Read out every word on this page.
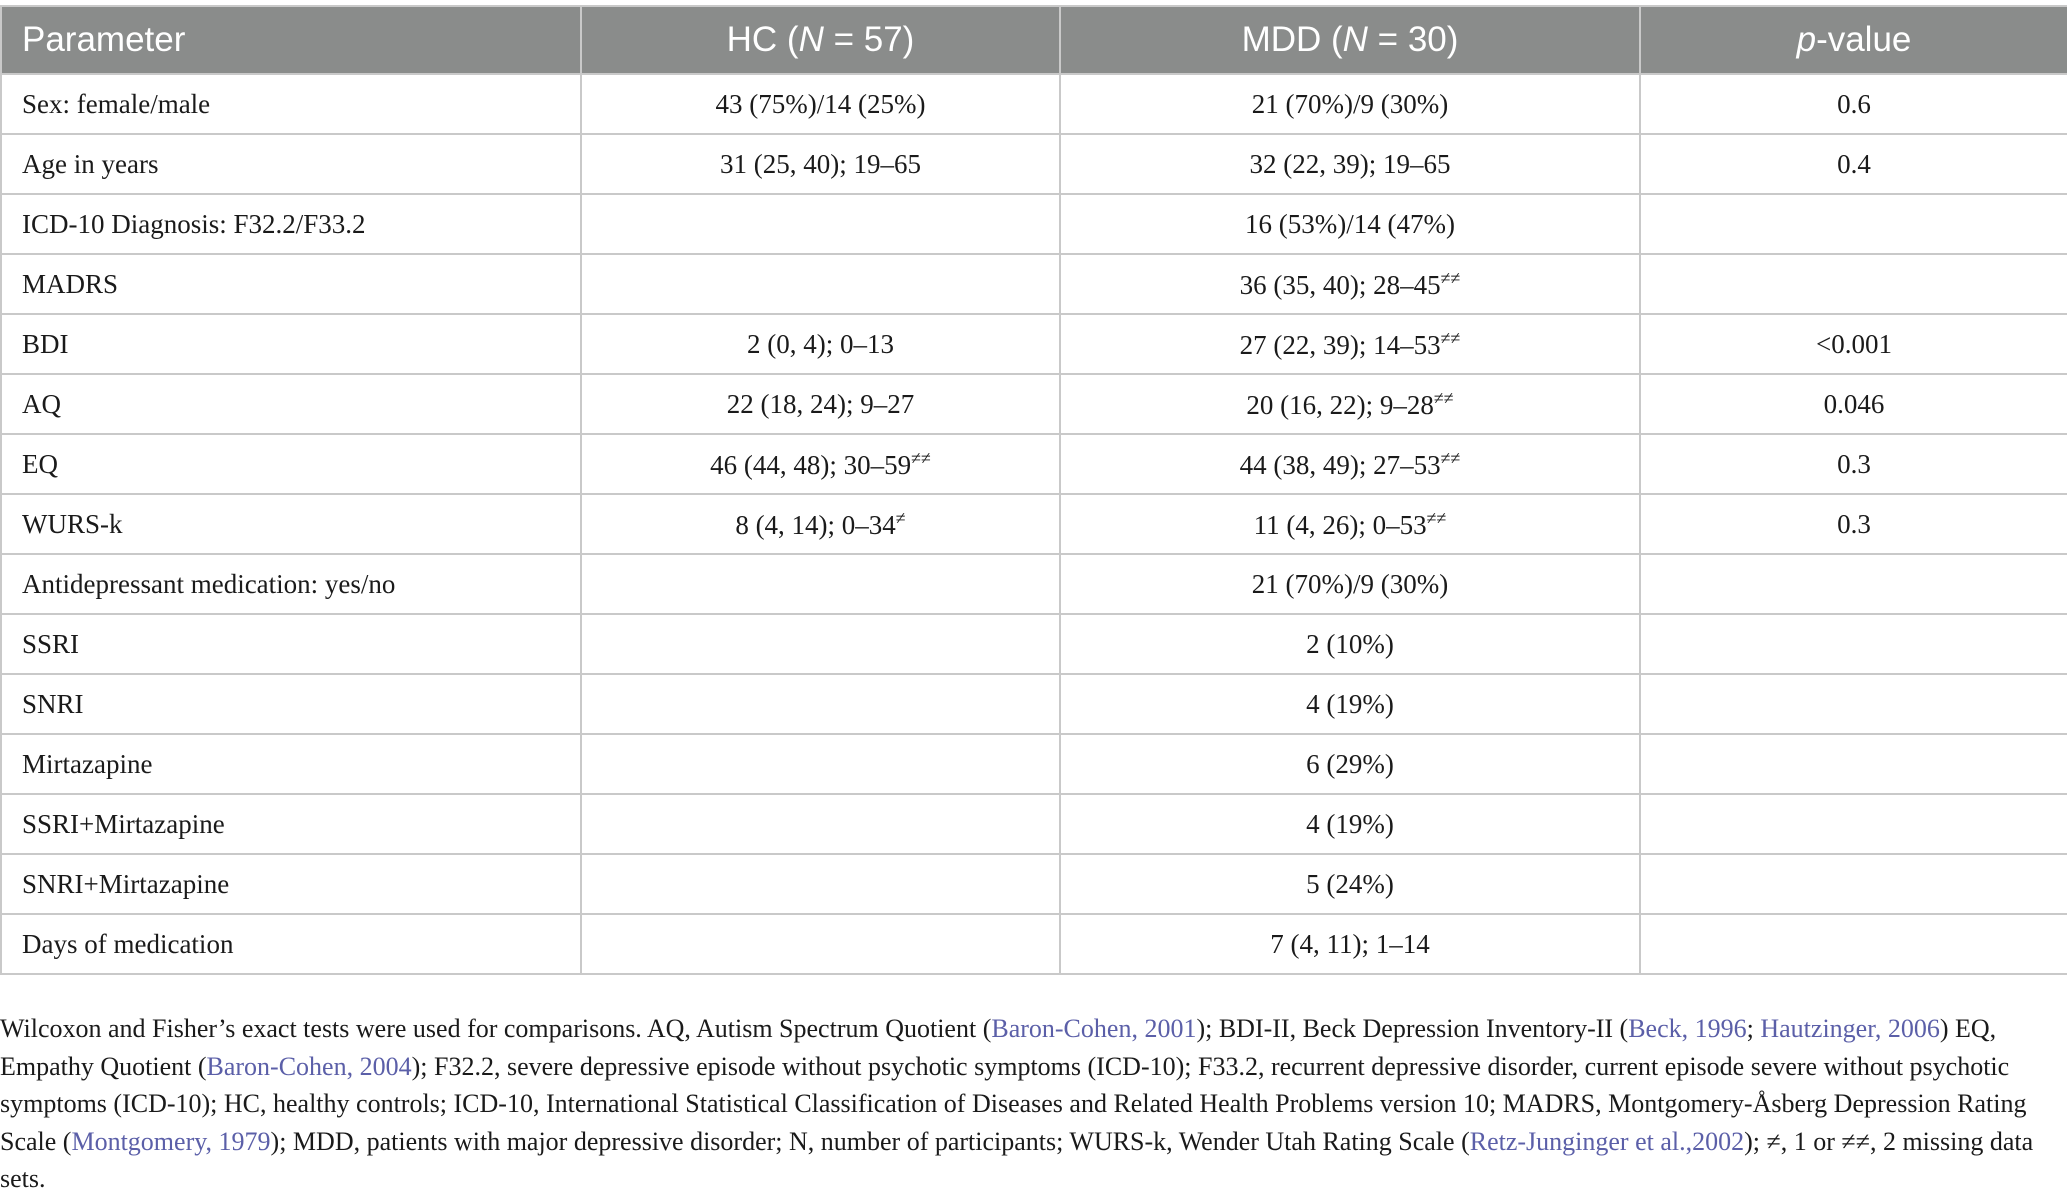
Parameter	HC (N = 57)	MDD (N = 30)	p-value
Sex: female/male	43 (75%)/14 (25%)	21 (70%)/9 (30%)	0.6
Age in years	31 (25, 40); 19–65	32 (22, 39); 19–65	0.4
ICD-10 Diagnosis: F32.2/F33.2		16 (53%)/14 (47%)	
MADRS		36 (35, 40); 28–45≠≠	
BDI	2 (0, 4); 0–13	27 (22, 39); 14–53≠≠	<0.001
AQ	22 (18, 24); 9–27	20 (16, 22); 9–28≠≠	0.046
EQ	46 (44, 48); 30–59≠≠	44 (38, 49); 27–53≠≠	0.3
WURS-k	8 (4, 14); 0–34≠	11 (4, 26); 0–53≠≠	0.3
Antidepressant medication: yes/no		21 (70%)/9 (30%)	
SSRI		2 (10%)	
SNRI		4 (19%)	
Mirtazapine		6 (29%)	
SSRI+Mirtazapine		4 (19%)	
SNRI+Mirtazapine		5 (24%)	
Days of medication		7 (4, 11); 1–14	
Wilcoxon and Fisher’s exact tests were used for comparisons. AQ, Autism Spectrum Quotient (Baron-Cohen, 2001); BDI-II, Beck Depression Inventory-II (Beck, 1996; Hautzinger, 2006) EQ, Empathy Quotient (Baron-Cohen, 2004); F32.2, severe depressive episode without psychotic symptoms (ICD-10); F33.2, recurrent depressive disorder, current episode severe without psychotic symptoms (ICD-10); HC, healthy controls; ICD-10, International Statistical Classification of Diseases and Related Health Problems version 10; MADRS, Montgomery-Åsberg Depression Rating Scale (Montgomery, 1979); MDD, patients with major depressive disorder; N, number of participants; WURS-k, Wender Utah Rating Scale (Retz-Junginger et al.,2002); ≠, 1 or ≠≠, 2 missing data sets.
